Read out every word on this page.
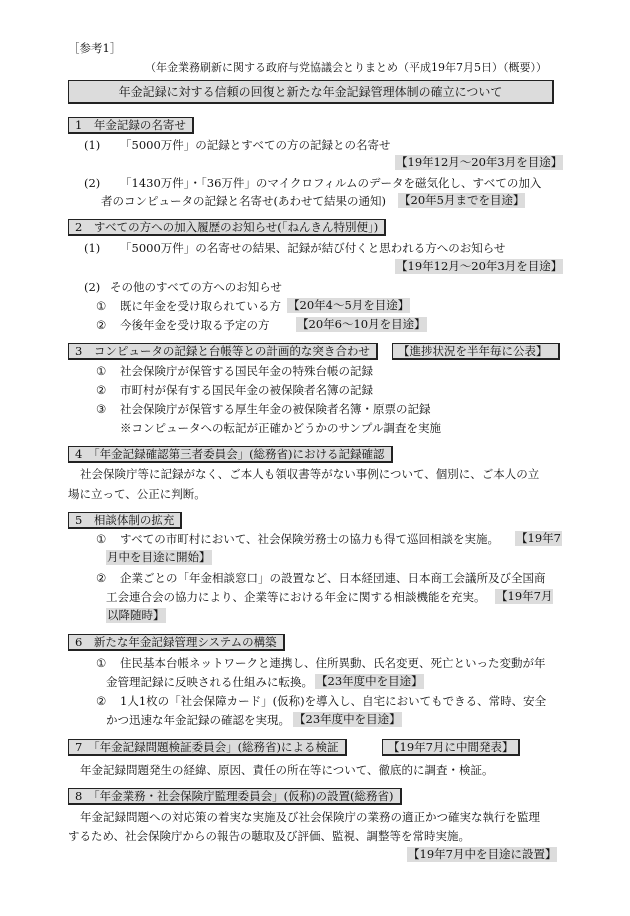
［参考1］
（年金業務刷新に関する政府与党協議会とりまとめ（平成19年7月5日）（概要））
年金記録に対する信頼の回復と新たな年金記録管理体制の確立について
1　年金記録の名寄せ
(1) 「5000万件」の記録とすべての方の記録との名寄せ
【19年12月～20年3月を目途】
(2) 「1430万件」・「36万件」のマイクロフィルムのデータを磁気化し、すべての加入
者のコンピュータの記録と名寄せ(あわせて結果の通知) 【20年5月までを目途】
2　すべての方への加入履歴のお知らせ(「ねんきん特別便」)
(1) 「5000万件」の名寄せの結果、記録が結び付くと思われる方へのお知らせ
【19年12月～20年3月を目途】
(2) その他のすべての方へのお知らせ
① 既に年金を受け取られている方 【20年4～5月を目途】
② 今後年金を受け取る予定の方 【20年6～10月を目途】
3　コンピュータの記録と台帳等との計画的な突き合わせ	【進捗状況を半年毎に公表】
① 社会保険庁が保管する国民年金の特殊台帳の記録
② 市町村が保有する国民年金の被保険者名簿の記録
③ 社会保険庁が保管する厚生年金の被保険者名簿・原票の記録
※コンピュータへの転記が正確かどうかのサンプル調査を実施
4　「年金記録確認第三者委員会」(総務省)における記録確認
社会保険庁等に記録がなく、ご本人も領収書等がない事例について、個別に、ご本人の立
場に立って、公正に判断。
5　相談体制の拡充
① すべての市町村において、社会保険労務士の協力も得て巡回相談を実施。 【19年7
月中を目途に開始】
② 企業ごとの「年金相談窓口」の設置など、日本経団連、日本商工会議所及び全国商
工会連合会の協力により、企業等における年金に関する相談機能を充実。 【19年7月
以降随時】
6　新たな年金記録管理システムの構築
① 住民基本台帳ネットワークと連携し、住所異動、氏名変更、死亡といった変動が年
金管理記録に反映される仕組みに転換。 【23年度中を目途】
② 1人1枚の「社会保障カード」(仮称)を導入し、自宅においてもできる、常時、安全
かつ迅速な年金記録の確認を実現。 【23年度中を目途】
7　「年金記録問題検証委員会」(総務省)による検証	【19年7月に中間発表】
年金記録問題発生の経緯、原因、責任の所在等について、徹底的に調査・検証。
8　「年金業務・社会保険庁監理委員会」(仮称)の設置(総務省)
年金記録問題への対応策の着実な実施及び社会保険庁の業務の適正かつ確実な執行を監理
するため、社会保険庁からの報告の聴取及び評価、監視、調整等を常時実施。
【19年7月中を目途に設置】
